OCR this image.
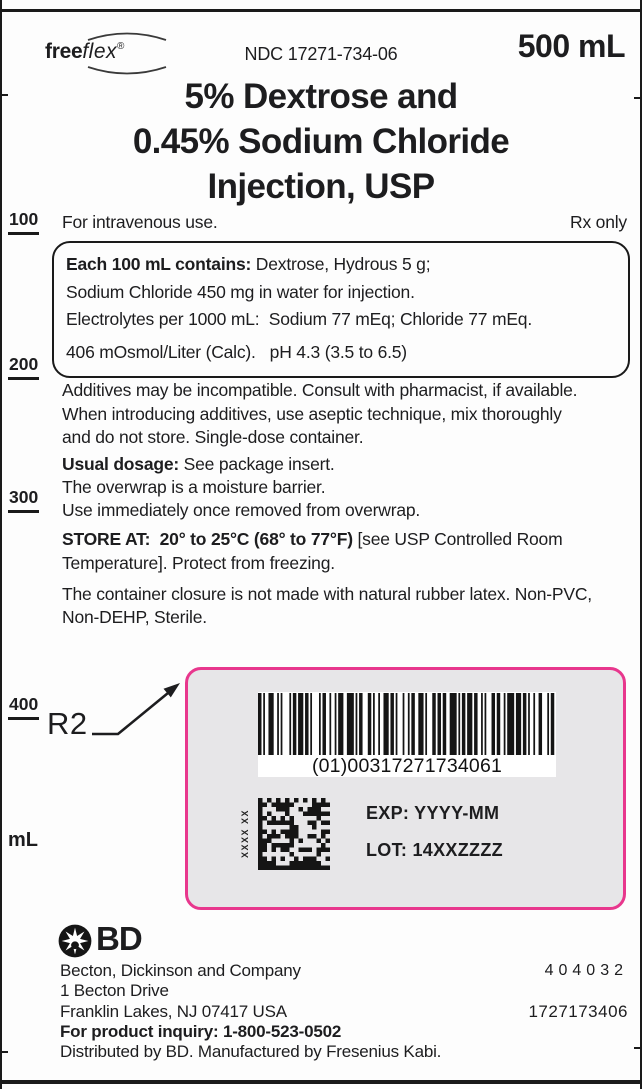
freeflex®	NDC 17271-734-06	500 mL
5% Dextrose and
0.45% Sodium Chloride
Injection, USP
For intravenous use.	Rx only
Each 100 mL contains: Dextrose, Hydrous 5 g;
Sodium Chloride 450 mg in water for injection.
Electrolytes per 1000 mL:  Sodium 77 mEq; Chloride 77 mEq.
406 mOsmol/Liter (Calc).   pH 4.3 (3.5 to 6.5)
Additives may be incompatible. Consult with pharmacist, if available.
When introducing additives, use aseptic technique, mix thoroughly
and do not store. Single-dose container.
Usual dosage: See package insert.
The overwrap is a moisture barrier.
Use immediately once removed from overwrap.
STORE AT:  20° to 25°C (68° to 77°F) [see USP Controlled Room
Temperature]. Protect from freezing.
The container closure is not made with natural rubber latex. Non-PVC,
Non-DEHP, Sterile.
100
200
300
400
mL
R2
(01)00317271734061
XXXX XX	EXP: YYYY-MM
LOT: 14XXZZZZ
BD
Becton, Dickinson and Company
1 Becton Drive
Franklin Lakes, NJ 07417 USA
For product inquiry: 1-800-523-0502
Distributed by BD. Manufactured by Fresenius Kabi.
404032
1727173406
